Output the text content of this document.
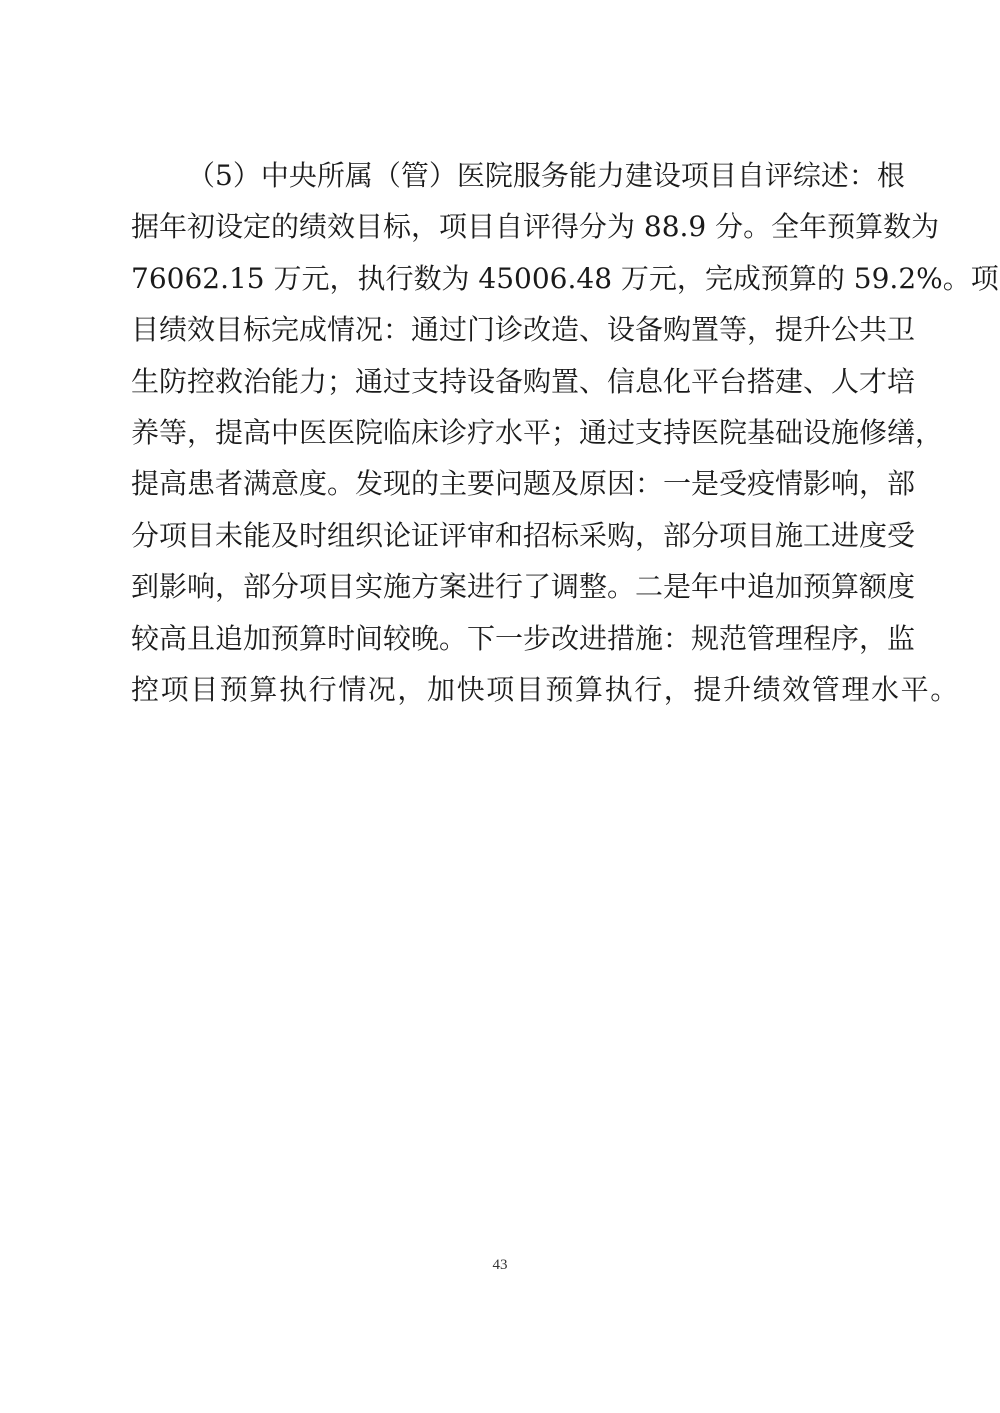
（5）中央所属（管）医院服务能力建设项目自评综述：根
据年初设定的绩效目标，项目自评得分为 88.9 分。全年预算数为
76062.15 万元，执行数为 45006.48 万元，完成预算的 59.2%。项
目绩效目标完成情况：通过门诊改造、设备购置等，提升公共卫
生防控救治能力；通过支持设备购置、信息化平台搭建、人才培
养等，提高中医医院临床诊疗水平；通过支持医院基础设施修缮，
提高患者满意度。发现的主要问题及原因：一是受疫情影响，部
分项目未能及时组织论证评审和招标采购，部分项目施工进度受
到影响，部分项目实施方案进行了调整。二是年中追加预算额度
较高且追加预算时间较晚。下一步改进措施：规范管理程序，监
控项目预算执行情况，加快项目预算执行，提升绩效管理水平。
43
